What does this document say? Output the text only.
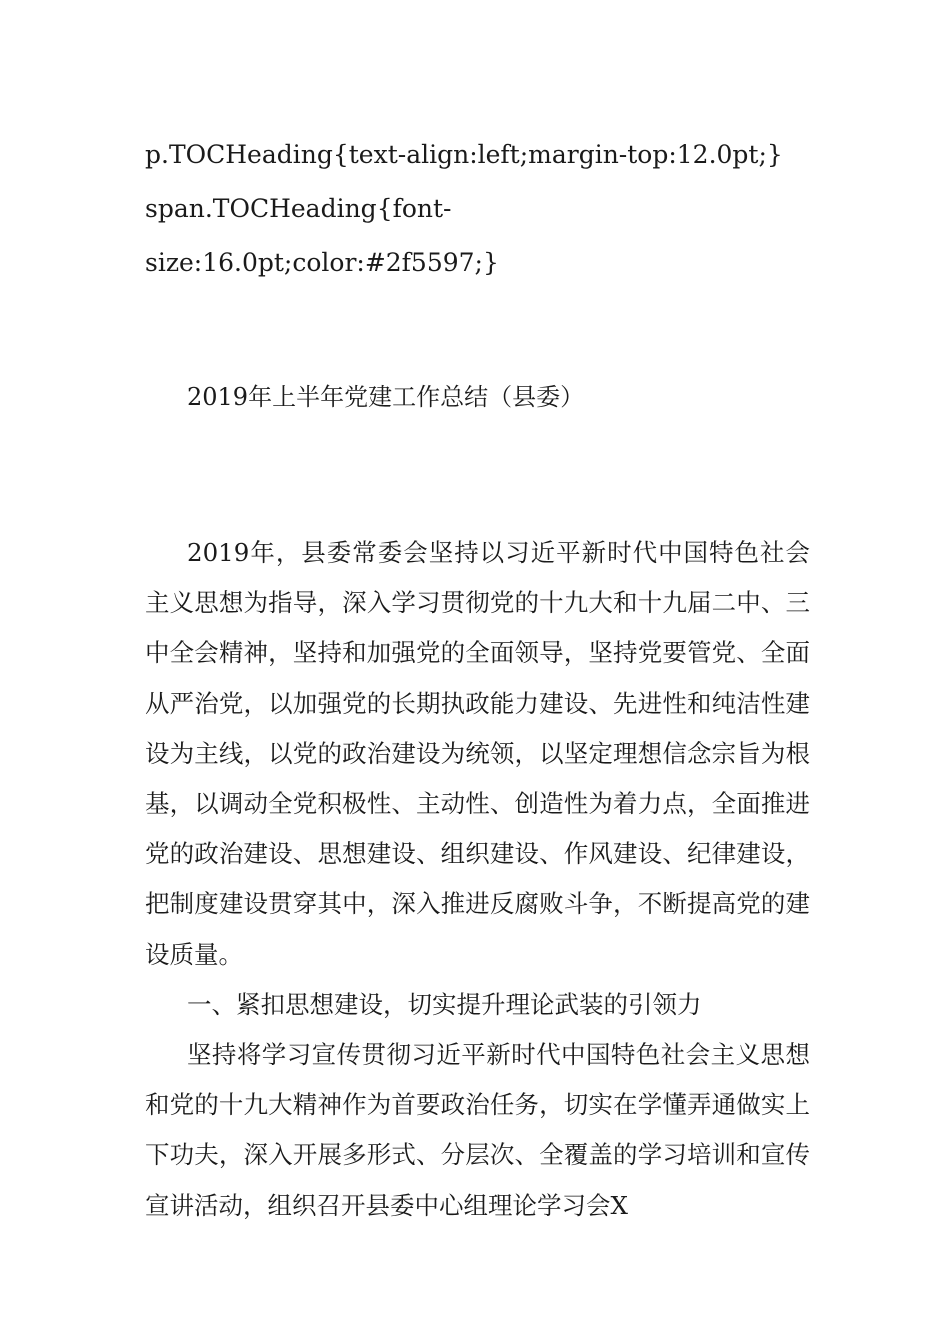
p.TOCHeading{text-align:left;margin-top:12.0pt;}
span.TOCHeading{font-
size:16.0pt;color:#2f5597;}
2019年上半年党建工作总结（县委）

2019年，县委常委会坚持以习近平新时代中国特色社会主义思想为指导，深入学习贯彻党的十九大和十九届二中、三中全会精神，坚持和加强党的全面领导，坚持党要管党、全面从严治党，以加强党的长期执政能力建设、先进性和纯洁性建设为主线，以党的政治建设为统领，以坚定理想信念宗旨为根基，以调动全党积极性、主动性、创造性为着力点，全面推进党的政治建设、思想建设、组织建设、作风建设、纪律建设，把制度建设贯穿其中，深入推进反腐败斗争，不断提高党的建设质量。

一、紧扣思想建设，切实提升理论武装的引领力

坚持将学习宣传贯彻习近平新时代中国特色社会主义思想和党的十九大精神作为首要政治任务，切实在学懂弄通做实上下功夫，深入开展多形式、分层次、全覆盖的学习培训和宣传宣讲活动，组织召开县委中心组理论学习会X
